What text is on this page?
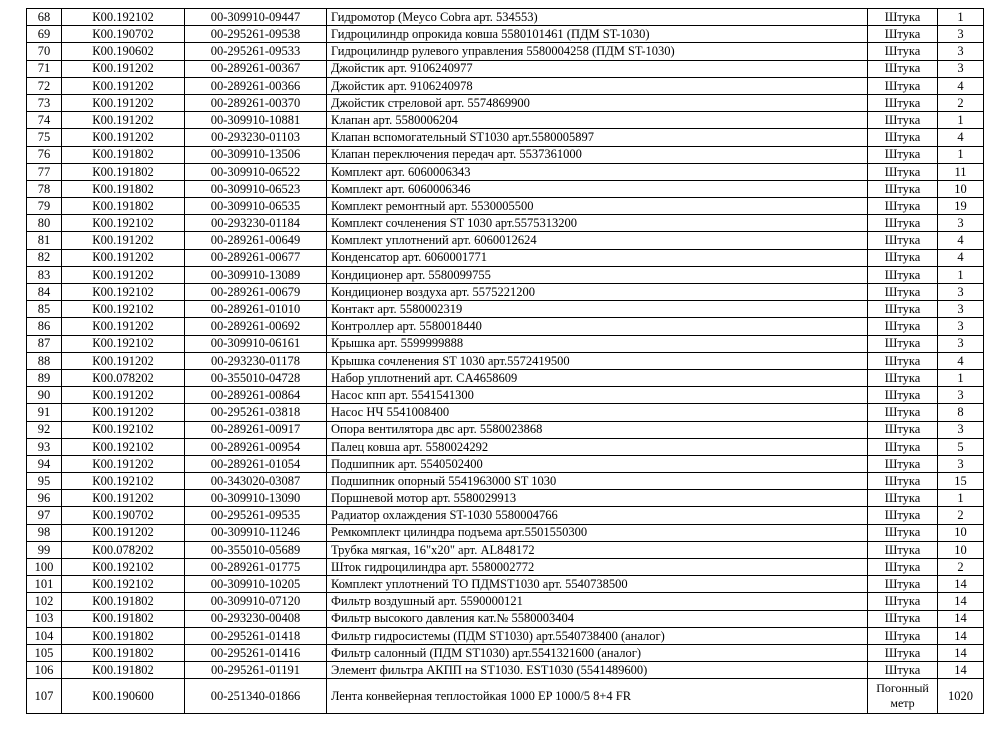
68	К00.192102	00-309910-09447	Гидромотор (Meyco Cobra арт. 534553)	Штука	1
69	К00.190702	00-295261-09538	Гидроцилиндр опрокида ковша 5580101461 (ПДМ ST-1030)	Штука	3
70	К00.190602	00-295261-09533	Гидроцилиндр рулевого управления 5580004258 (ПДМ ST-1030)	Штука	3
71	К00.191202	00-289261-00367	Джойстик арт. 9106240977	Штука	3
72	К00.191202	00-289261-00366	Джойстик арт. 9106240978	Штука	4
73	К00.191202	00-289261-00370	Джойстик стреловой арт. 5574869900	Штука	2
74	К00.191202	00-309910-10881	Клапан арт. 5580006204	Штука	1
75	К00.191202	00-293230-01103	Клапан вспомогательный ST1030 арт.5580005897	Штука	4
76	К00.191802	00-309910-13506	Клапан переключения передач арт. 5537361000	Штука	1
77	К00.191802	00-309910-06522	Комплект арт. 6060006343	Штука	11
78	К00.191802	00-309910-06523	Комплект арт. 6060006346	Штука	10
79	К00.191802	00-309910-06535	Комплект ремонтный арт. 5530005500	Штука	19
80	К00.192102	00-293230-01184	Комплект сочленения ST 1030 арт.5575313200	Штука	3
81	К00.191202	00-289261-00649	Комплект уплотнений арт. 6060012624	Штука	4
82	К00.191202	00-289261-00677	Конденсатор арт. 6060001771	Штука	4
83	К00.191202	00-309910-13089	Кондиционер арт. 5580099755	Штука	1
84	К00.192102	00-289261-00679	Кондиционер воздуха арт. 5575221200	Штука	3
85	К00.192102	00-289261-01010	Контакт арт. 5580002319	Штука	3
86	К00.191202	00-289261-00692	Контроллер арт. 5580018440	Штука	3
87	К00.192102	00-309910-06161	Крышка арт. 5599999888	Штука	3
88	К00.191202	00-293230-01178	Крышка сочленения ST 1030 арт.5572419500	Штука	4
89	К00.078202	00-355010-04728	Набор уплотнений арт. CA4658609	Штука	1
90	К00.191202	00-289261-00864	Насос кпп арт. 5541541300	Штука	3
91	К00.191202	00-295261-03818	Насос НЧ 5541008400	Штука	8
92	К00.192102	00-289261-00917	Опора вентилятора двс арт. 5580023868	Штука	3
93	К00.192102	00-289261-00954	Палец ковша арт. 5580024292	Штука	5
94	К00.191202	00-289261-01054	Подшипник арт. 5540502400	Штука	3
95	К00.192102	00-343020-03087	Подшипник опорный 5541963000 ST 1030	Штука	15
96	К00.191202	00-309910-13090	Поршневой мотор арт. 5580029913	Штука	1
97	К00.190702	00-295261-09535	Радиатор охлаждения ST-1030 5580004766	Штука	2
98	К00.191202	00-309910-11246	Ремкомплект цилиндра подъема арт.5501550300	Штука	10
99	К00.078202	00-355010-05689	Трубка мягкая, 16"x20" арт. AL848172	Штука	10
100	К00.192102	00-289261-01775	Шток гидроцилиндра арт. 5580002772	Штука	2
101	К00.192102	00-309910-10205	Комплект уплотнений ТО ПДМST1030 арт. 5540738500	Штука	14
102	К00.191802	00-309910-07120	Фильтр воздушный арт. 5590000121	Штука	14
103	К00.191802	00-293230-00408	Фильтр высокого давления кат.№ 5580003404	Штука	14
104	К00.191802	00-295261-01418	Фильтр гидросистемы (ПДМ ST1030) арт.5540738400 (аналог)	Штука	14
105	К00.191802	00-295261-01416	Фильтр салонный (ПДМ ST1030) арт.5541321600 (аналог)	Штука	14
106	К00.191802	00-295261-01191	Элемент фильтра АКПП на ST1030. EST1030 (5541489600)	Штука	14
107	К00.190600	00-251340-01866	Лента конвейерная теплостойкая 1000 EP 1000/5 8+4 FR	Погонный метр	1020
